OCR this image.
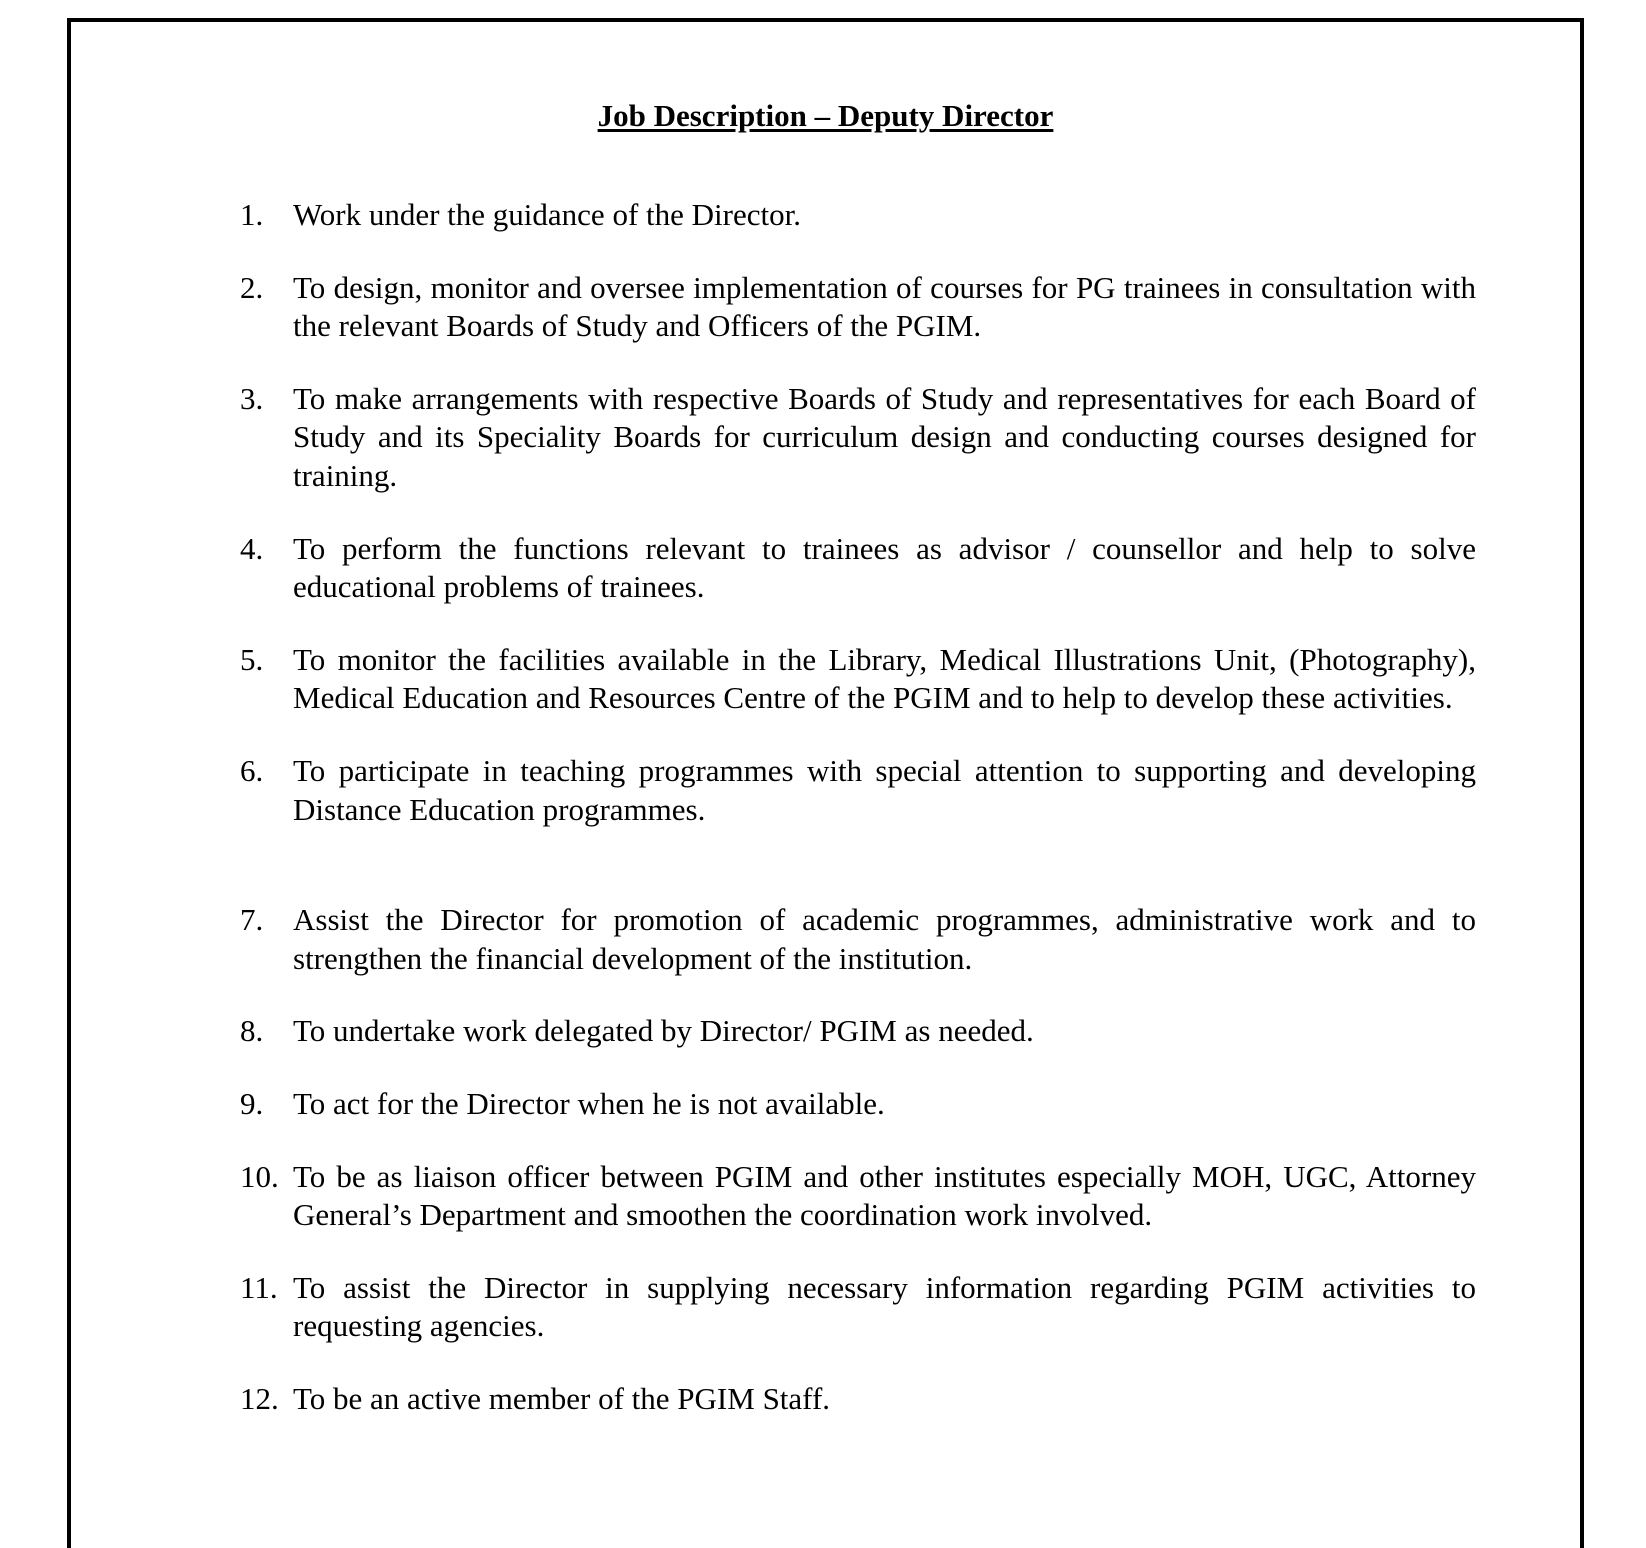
Job Description – Deputy Director
1. Work under the guidance of the Director.
2. To design, monitor and oversee implementation of courses for PG trainees in consultation with the relevant Boards of Study and Officers of the PGIM.
3. To make arrangements with respective Boards of Study and representatives for each Board of Study and its Speciality Boards for curriculum design and conducting courses designed for training.
4. To perform the functions relevant to trainees as advisor / counsellor and help to solve educational problems of trainees.
5. To monitor the facilities available in the Library, Medical Illustrations Unit, (Photography), Medical Education and Resources Centre of the PGIM and to help to develop these activities.
6. To participate in teaching programmes with special attention to supporting and developing Distance Education programmes.
7. Assist the Director for promotion of academic programmes, administrative work and to strengthen the financial development of the institution.
8. To undertake work delegated by Director/ PGIM as needed.
9. To act for the Director when he is not available.
10. To be as liaison officer between PGIM and other institutes especially MOH, UGC, Attorney General’s Department and smoothen the coordination work involved.
11. To assist the Director in supplying necessary information regarding PGIM activities to requesting agencies.
12. To be an active member of the PGIM Staff.
